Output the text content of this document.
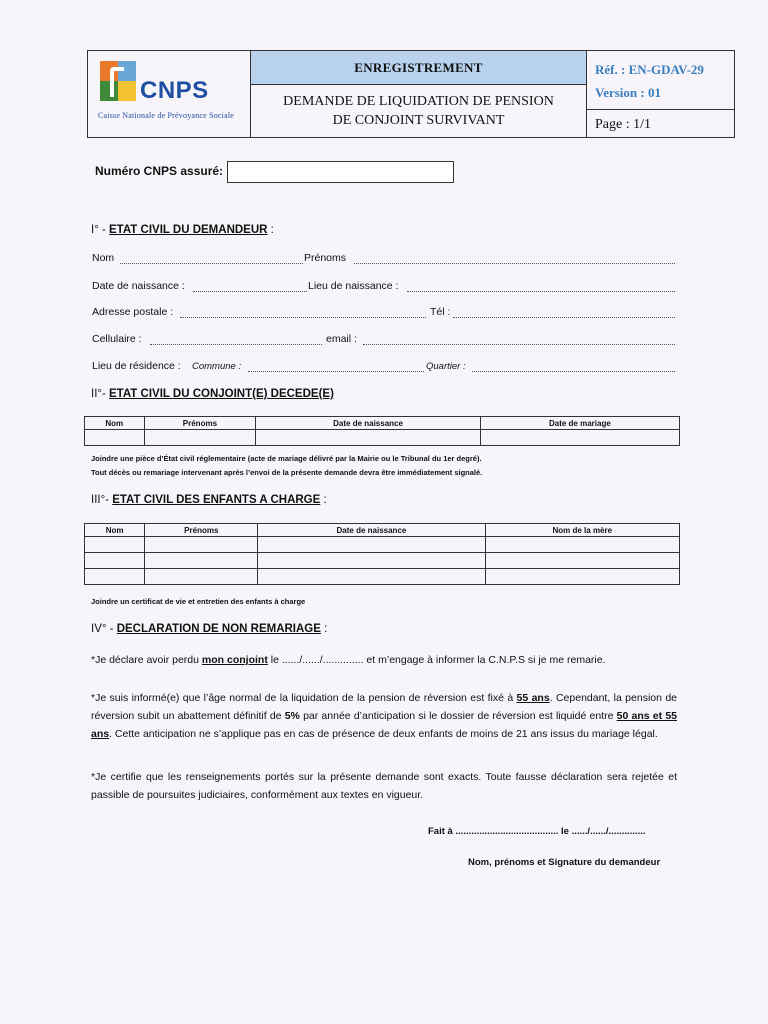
CNPS
Caisse Nationale de Prévoyance Sociale
ENREGISTREMENT
DEMANDE DE LIQUIDATION DE PENSION
DE CONJOINT SURVIVANT
Réf. : EN-GDAV-29
Version : 01
Page : 1/1
Numéro CNPS assuré:
I° - ETAT CIVIL DU DEMANDEUR :
Nom	Prénoms
Date de naissance :	Lieu de naissance :
Adresse postale :	Tél :
Cellulaire :	email :
Lieu de résidence : Commune :	Quartier :
II°- ETAT CIVIL DU CONJOINT(E) DECEDE(E)
Nom	Prénoms	Date de naissance	Date de mariage

Joindre une pièce d’État civil réglementaire (acte de mariage délivré par la Mairie ou le Tribunal du 1er degré).
Tout décès ou remariage intervenant après l’envoi de la présente demande devra être immédiatement signalé.
III°- ETAT CIVIL DES ENFANTS A CHARGE :
Nom	Prénoms	Date de naissance	Nom de la mère

Joindre un certificat de vie et entretien des enfants à charge
IV° - DECLARATION DE NON REMARIAGE :
*Je déclare avoir perdu mon conjoint le ....../....../.............. et m’engage à informer la C.N.P.S si je me remarie.
*Je suis informé(e) que l’âge normal de la liquidation de la pension de réversion est fixé à 55 ans. Cependant, la pension de réversion subit un abattement définitif de 5% par année d’anticipation si le dossier de réversion est liquidé entre 50 ans et 55 ans. Cette anticipation ne s’applique pas en cas de présence de deux enfants de moins de 21 ans issus du mariage légal.
*Je certifie que les renseignements portés sur la présente demande sont exacts. Toute fausse déclaration sera rejetée et passible de poursuites judiciaires, conformément aux textes en vigueur.
Fait à ....................................... le ....../....../..............
Nom, prénoms et Signature du demandeur
